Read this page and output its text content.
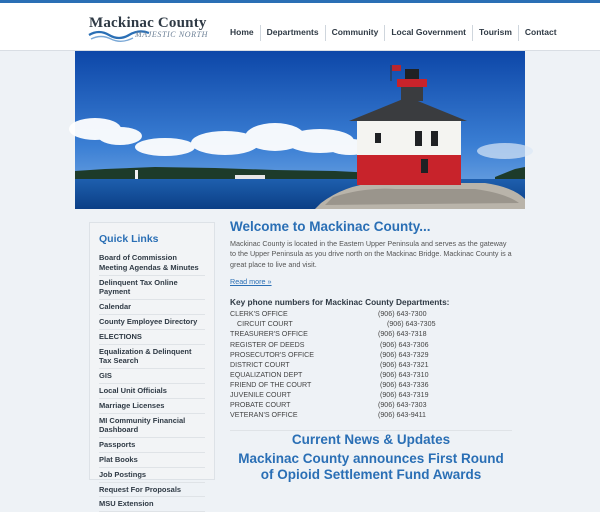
Mackinac County
MAJESTIC NORTH	Home	Departments	Community	Local Government	Tourism	Contact
Quick Links
Board of Commission Meeting Agendas & Minutes
Delinquent Tax Online Payment
Calendar
County Employee Directory
ELECTIONS
Equalization & Delinquent Tax Search
GIS
Local Unit Officials
Marriage Licenses
MI Community Financial Dashboard
Passports
Plat Books
Job Postings
Request For Proposals
MSU Extension
Welcome to Mackinac County...

Mackinac County is located in the Eastern Upper Peninsula and serves as the gateway to the Upper Peninsula as you drive north on the Mackinac Bridge. Mackinac County is a great place to live and visit.

Read more »
Key phone numbers for Mackinac County Departments:
CLERK'S OFFICE	(906) 643-7300
CIRCUIT COURT	(906) 643-7305
TREASURER'S OFFICE	(906) 643-7318
REGISTER OF DEEDS	(906) 643-7306
PROSECUTOR'S OFFICE	(906) 643-7329
DISTRICT COURT	(906) 643-7321
EQUALIZATION DEPT	(906) 643-7310
FRIEND OF THE COURT	(906) 643-7336
JUVENILE COURT	(906) 643-7319
PROBATE COURT	(906) 643-7303
VETERAN'S OFFICE	(906) 643-9411
Current News & Updates
Mackinac County announces First Round of Opioid Settlement Fund Awards
